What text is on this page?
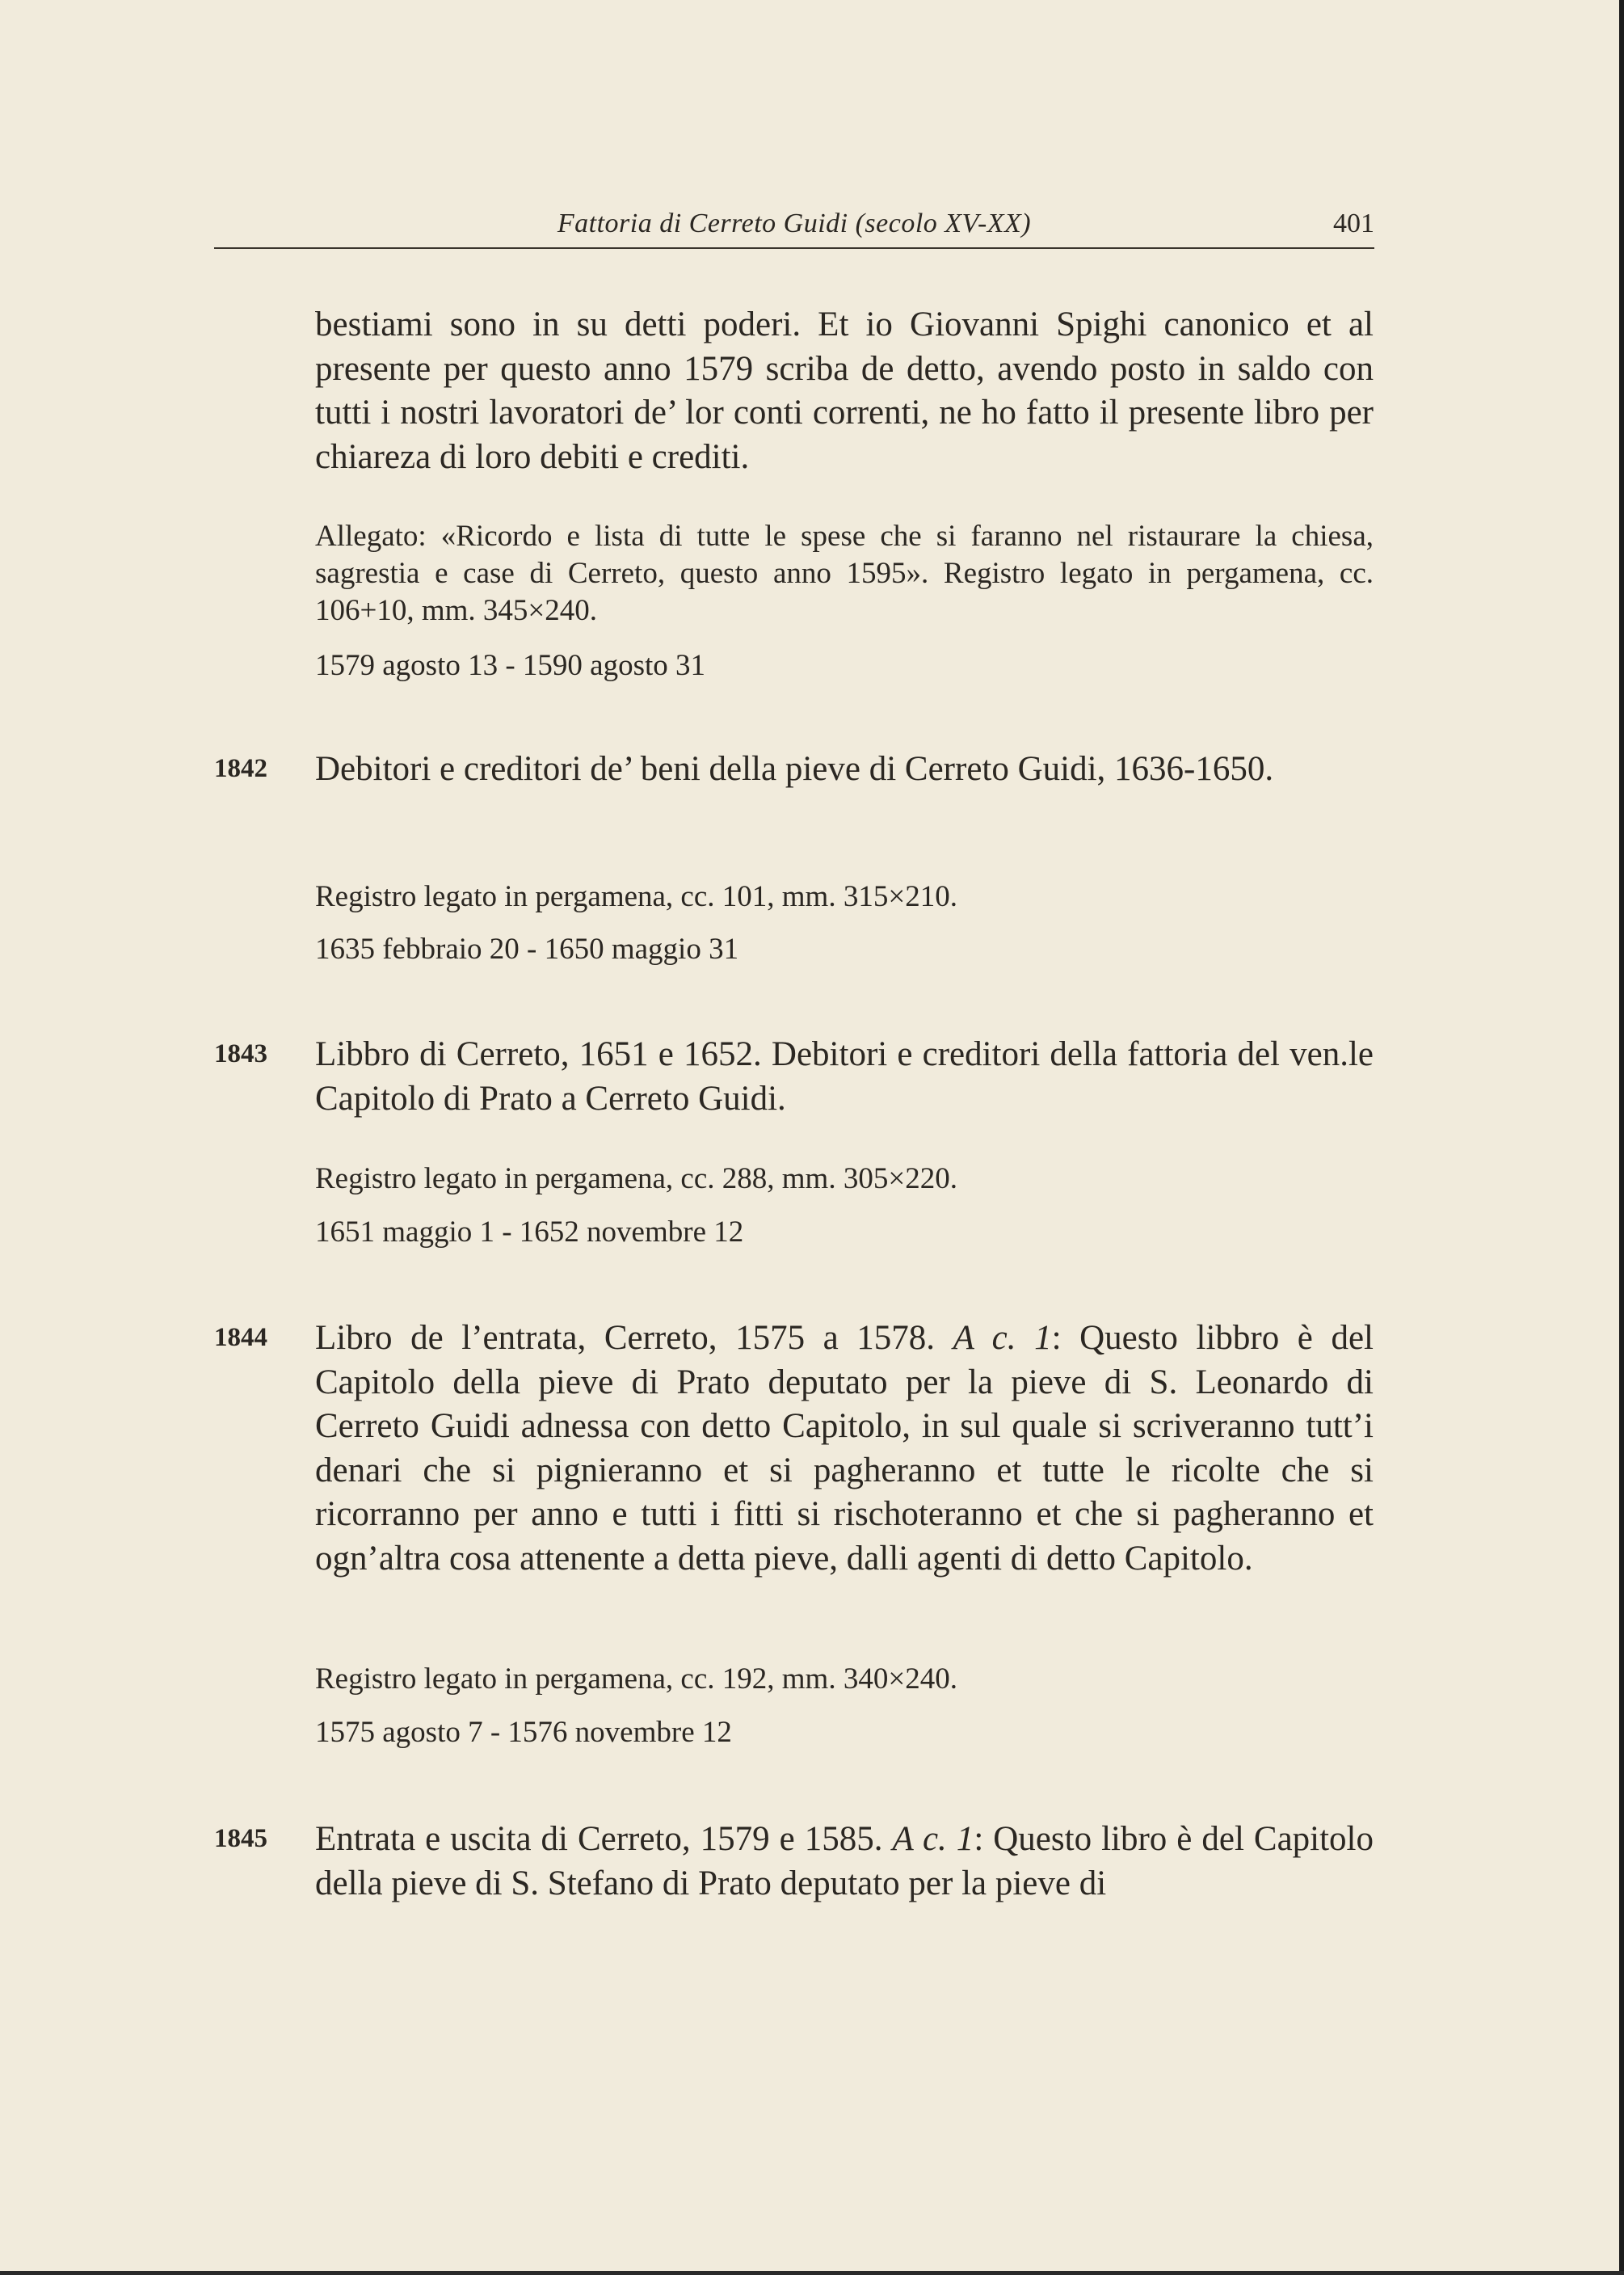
Fattoria di Cerreto Guidi (secolo XV-XX)	401
bestiami sono in su detti poderi. Et io Giovanni Spighi canonico et al presente per questo anno 1579 scriba de detto, avendo posto in saldo con tutti i nostri lavoratori de’ lor conti correnti, ne ho fatto il presente libro per chiareza di loro debiti e crediti.
Allegato: «Ricordo e lista di tutte le spese che si faranno nel ristaurare la chiesa, sagrestia e case di Cerreto, questo anno 1595». Registro legato in pergamena, cc. 106+10, mm. 345×240.
1579 agosto 13 - 1590 agosto 31
1842 Debitori e creditori de’ beni della pieve di Cerreto Guidi, 1636-1650.
Registro legato in pergamena, cc. 101, mm. 315×210.
1635 febbraio 20 - 1650 maggio 31
1843 Libbro di Cerreto, 1651 e 1652. Debitori e creditori della fattoria del ven.le Capitolo di Prato a Cerreto Guidi.
Registro legato in pergamena, cc. 288, mm. 305×220.
1651 maggio 1 - 1652 novembre 12
1844 Libro de l’entrata, Cerreto, 1575 a 1578. A c. 1: Questo libbro è del Capitolo della pieve di Prato deputato per la pieve di S. Leonardo di Cerreto Guidi adnessa con detto Capitolo, in sul quale si scriveranno tutt’i denari che si pignieranno et si pagheranno et tutte le ricolte che si ricorranno per anno e tutti i fitti si rischoteranno et che si pagheranno et ogn’altra cosa attenente a detta pieve, dalli agenti di detto Capitolo.
Registro legato in pergamena, cc. 192, mm. 340×240.
1575 agosto 7 - 1576 novembre 12
1845 Entrata e uscita di Cerreto, 1579 e 1585. A c. 1: Questo libro è del Capitolo della pieve di S. Stefano di Prato deputato per la pieve di
